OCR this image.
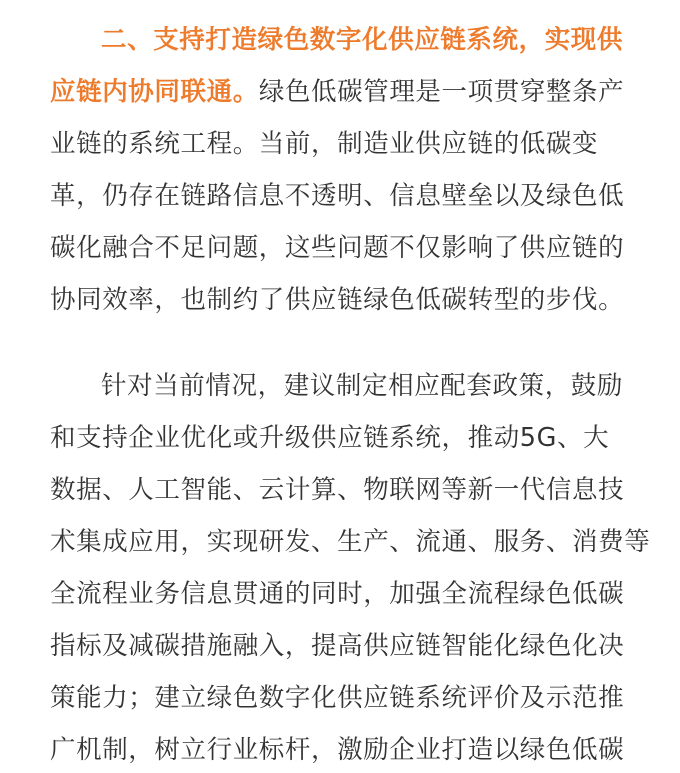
二、支持打造绿色数字化供应链系统，实现供
应链内协同联通。绿色低碳管理是一项贯穿整条产
业链的系统工程。当前，制造业供应链的低碳变
革，仍存在链路信息不透明、信息壁垒以及绿色低
碳化融合不足问题，这些问题不仅影响了供应链的
协同效率，也制约了供应链绿色低碳转型的步伐。
针对当前情况，建议制定相应配套政策，鼓励
和支持企业优化或升级供应链系统，推动5G、大
数据、人工智能、云计算、物联网等新一代信息技
术集成应用，实现研发、生产、流通、服务、消费等
全流程业务信息贯通的同时，加强全流程绿色低碳
指标及减碳措施融入，提高供应链智能化绿色化决
策能力；建立绿色数字化供应链系统评价及示范推
广机制，树立行业标杆，激励企业打造以绿色低碳
